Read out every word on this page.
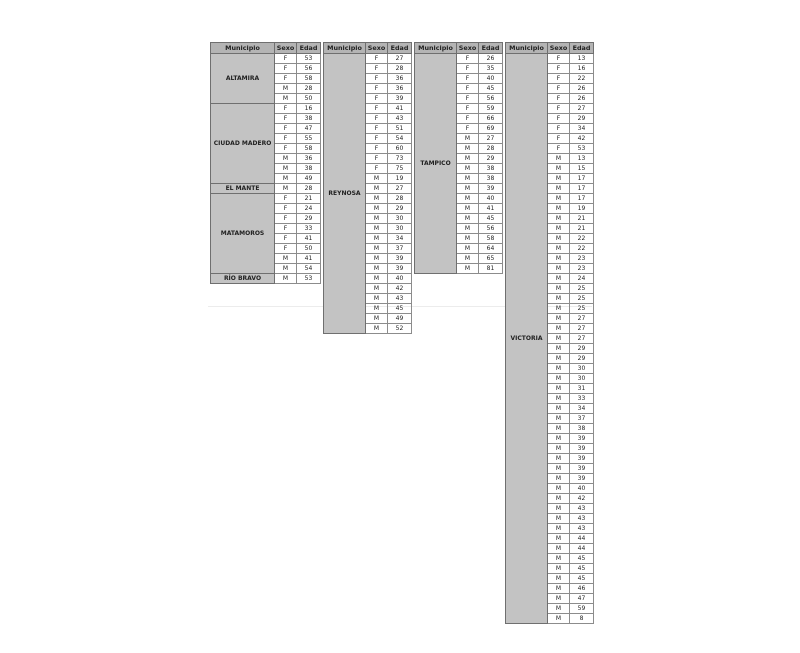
Municipio	Sexo	Edad
ALTAMIRA	F	53
	F	56
	F	58
	M	28
	M	50
CIUDAD MADERO	F	16
	F	38
	F	47
	F	55
	F	58
	M	36
	M	38
	M	49
EL MANTE	M	28
MATAMOROS	F	21
	F	24
	F	29
	F	33
	F	41
	F	50
	M	41
	M	54
RÍO BRAVO	M	53
Municipio	Sexo	Edad
REYNOSA	F	27
	F	28
	F	36
	F	36
	F	39
	F	41
	F	43
	F	51
	F	54
	F	60
	F	73
	F	75
	M	19
	M	27
	M	28
	M	29
	M	30
	M	30
	M	34
	M	37
	M	39
	M	39
	M	40
	M	42
	M	43
	M	45
	M	49
	M	52
Municipio	Sexo	Edad
TAMPICO	F	26
	F	35
	F	40
	F	45
	F	56
	F	59
	F	66
	F	69
	M	27
	M	28
	M	29
	M	38
	M	38
	M	39
	M	40
	M	41
	M	45
	M	56
	M	58
	M	64
	M	65
	M	81
Municipio	Sexo	Edad
VICTORIA	F	13
	F	16
	F	22
	F	26
	F	26
	F	27
	F	29
	F	34
	F	42
	F	53
	M	13
	M	15
	M	17
	M	17
	M	17
	M	19
	M	21
	M	21
	M	22
	M	22
	M	23
	M	23
	M	24
	M	25
	M	25
	M	25
	M	27
	M	27
	M	27
	M	29
	M	29
	M	30
	M	30
	M	31
	M	33
	M	34
	M	37
	M	38
	M	39
	M	39
	M	39
	M	39
	M	39
	M	40
	M	42
	M	43
	M	43
	M	43
	M	44
	M	44
	M	45
	M	45
	M	45
	M	46
	M	47
	M	59
	M	8
